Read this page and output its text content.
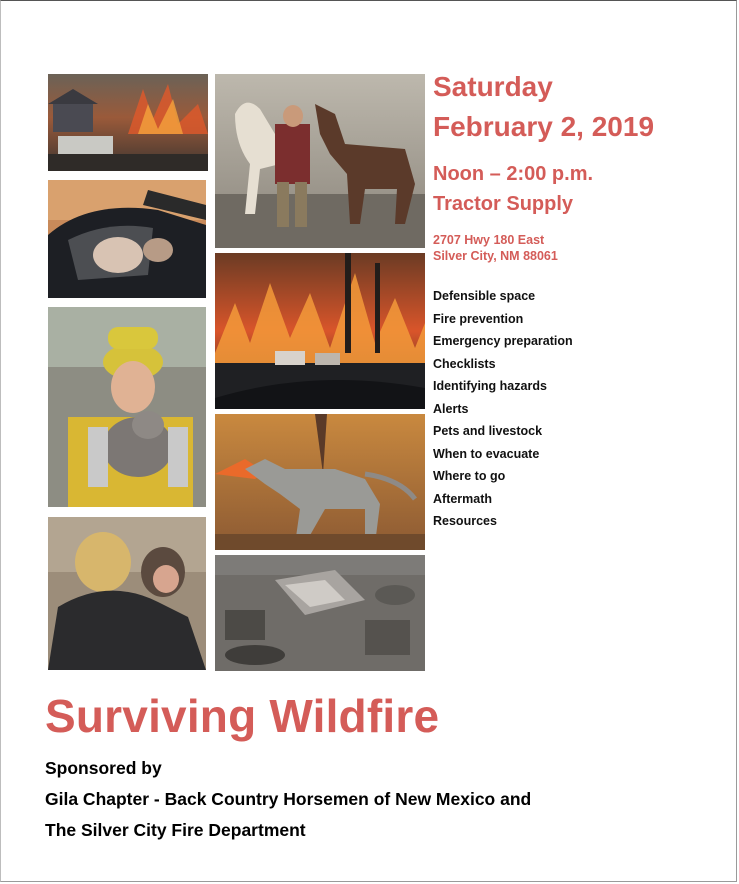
Saturday
February 2, 2019
Noon – 2:00 p.m.
Tractor Supply
2707 Hwy 180 East
Silver City, NM 88061
Defensible space
Fire prevention
Emergency preparation
Checklists
Identifying hazards
Alerts
Pets and livestock
When to evacuate
Where to go
Aftermath
Resources
Surviving Wildfire
Sponsored by
Gila Chapter - Back Country Horsemen of New Mexico and
The Silver City Fire Department
